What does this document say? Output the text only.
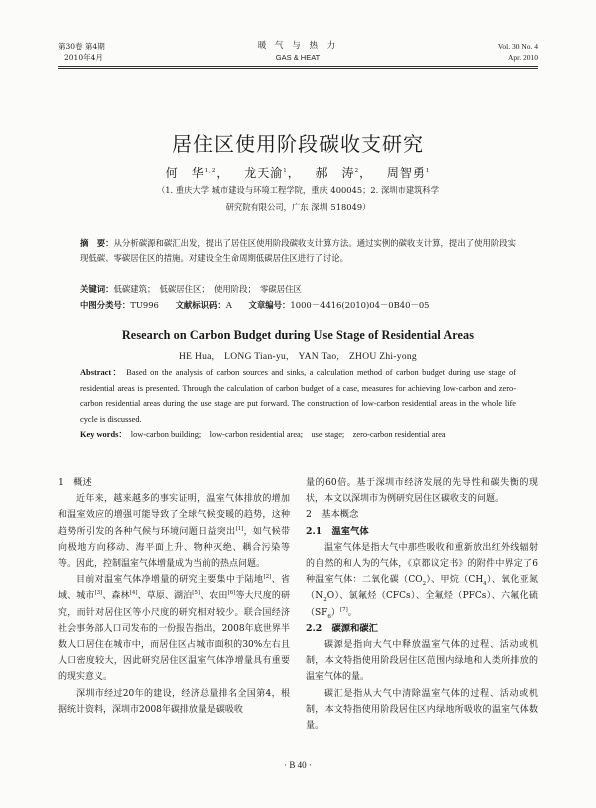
第30卷 第4期
2010年4月
暖 气 与 热 力
GAS & HEAT
Vol. 30 No. 4
Apr. 2010
居住区使用阶段碳收支研究
何　华$^{1,2}$， 龙天渝$^1$， 郝　涛$^2$， 周智勇$^1$
（1. 重庆大学 城市建设与环境工程学院，重庆 400045；2. 深圳市建筑科学
研究院有限公司，广东 深圳 518049）
摘　要：从分析碳源和碳汇出发，提出了居住区使用阶段碳收支计算方法。通过实例的碳收支计算，提出了使用阶段实现低碳、零碳居住区的措施。对建设全生命周期低碳居住区进行了讨论。
关键词：低碳建筑；　低碳居住区；　使用阶段；　零碳居住区
中图分类号：TU996 文献标识码：A 文章编号：1000－4416(2010)04－0B40－05
Research on Carbon Budget during Use Stage of Residential Areas
HE Hua,　LONG Tian-yu,　YAN Tao,　ZHOU Zhi-yong
Abstract： Based on the analysis of carbon sources and sinks, a calculation method of carbon budget during use stage of residential areas is presented. Through the calculation of carbon budget of a case, measures for achieving low-carbon and zero-carbon residential areas during the use stage are put forward. The construction of low-carbon residential areas in the whole life cycle is discussed.
Key words： low-carbon building;　low-carbon residential area;　use stage;　zero-carbon residential area
1　概述

近年来，越来越多的事实证明，温室气体排放的增加和温室效应的增强可能导致了全球气候变暖的趋势，这种趋势所引发的各种气候与环境问题日益突出[1]，如气候带向极地方向移动、海平面上升、物种灭绝、耦合污染等等。因此，控制温室气体增量成为当前的热点问题。

目前对温室气体净增量的研究主要集中于陆地[2]、省域、城市[3]、森林[4]、草原、湖泊[5]、农田[6]等大尺度的研究，而针对居住区等小尺度的研究相对较少。联合国经济社会事务部人口司发布的一份报告指出，2008年底世界半数人口居住在城市中，而居住区占城市面积的30%左右且人口密度较大，因此研究居住区温室气体净增量具有重要的现实意义。

深圳市经过20年的建设，经济总量排名全国第4，根据统计资料，深圳市2008年碳排放量是碳吸收

量的60倍。基于深圳市经济发展的先导性和碳失衡的现状，本文以深圳市为例研究居住区碳收支的问题。

2　基本概念
2.1　温室气体

温室气体是指大气中那些吸收和重新放出红外线辐射的自然的和人为的气体，《京都议定书》的附件中界定了6种温室气体：二氧化碳$(CO_2)$、甲烷$(CH_4)$、氧化亚氮$(N_2O)$、氯氟烃（CFCs）、全氟烃（PFCs）、六氟化硫$(SF_6)[7]$。

2.2　碳源和碳汇

碳源是指向大气中释放温室气体的过程、活动或机制，本文特指使用阶段居住区范围内绿地和人类所排放的温室气体的量。

碳汇是指从大气中清除温室气体的过程、活动或机制，本文特指使用阶段居住区内绿地所吸收的温室气体数量。

· B 40 ·
